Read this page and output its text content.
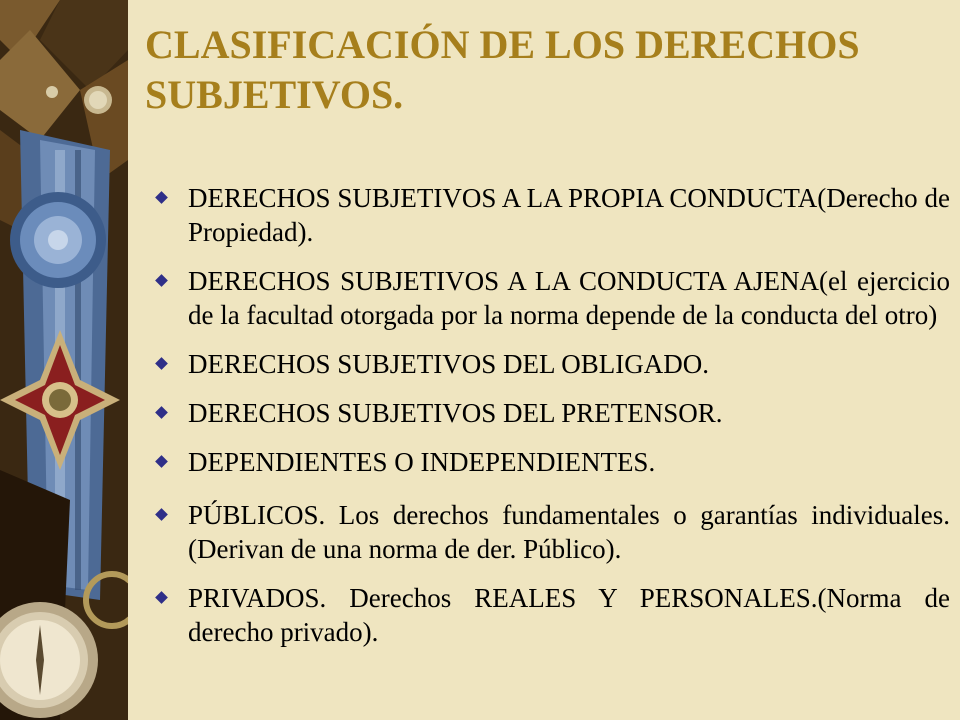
CLASIFICACIÓN DE LOS DERECHOS SUBJETIVOS.
DERECHOS SUBJETIVOS A LA PROPIA CONDUCTA(Derecho de Propiedad).
DERECHOS SUBJETIVOS A LA CONDUCTA AJENA(el ejercicio de la facultad otorgada por la norma depende de la conducta del otro)
DERECHOS SUBJETIVOS DEL OBLIGADO.
DERECHOS SUBJETIVOS DEL PRETENSOR.
DEPENDIENTES O INDEPENDIENTES.
PÚBLICOS. Los derechos fundamentales o garantías individuales.(Derivan de una norma de der. Público).
PRIVADOS. Derechos REALES Y PERSONALES.(Norma de derecho privado).
